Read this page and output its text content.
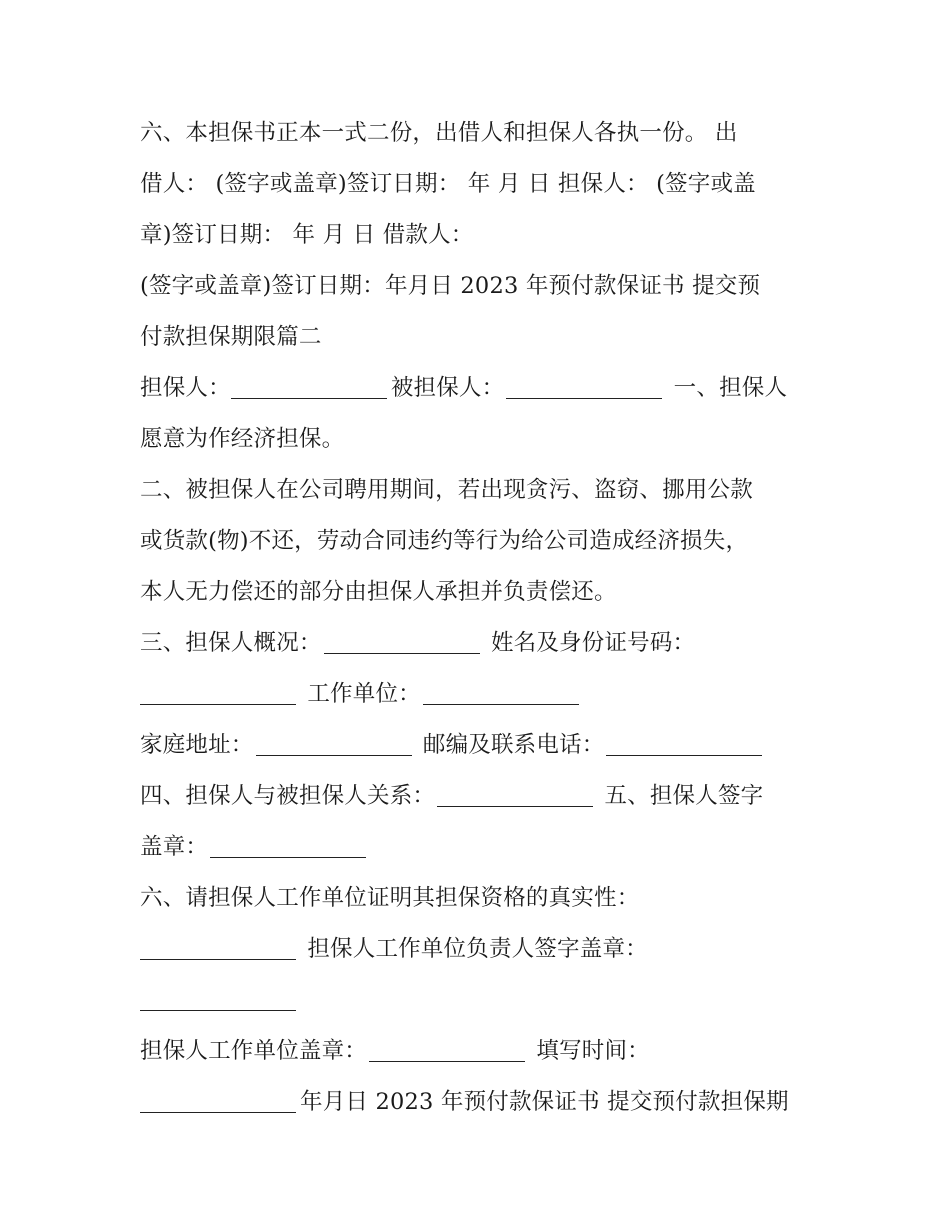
六、本担保书正本一式二份，出借人和担保人各执一份。 出
借人： (签字或盖章)签订日期： 年 月 日 担保人： (签字或盖
章)签订日期： 年 月 日 借款人：
(签字或盖章)签订日期：年月日 2023 年预付款保证书 提交预
付款担保期限篇二
担保人：	被担保人：	一、担保人
愿意为作经济担保。
二、被担保人在公司聘用期间，若出现贪污、盗窃、挪用公款
或货款(物)不还，劳动合同违约等行为给公司造成经济损失，
本人无力偿还的部分由担保人承担并负责偿还。
三、担保人概况：	姓名及身份证号码：
工作单位：
家庭地址：	邮编及联系电话：
四、担保人与被担保人关系：	五、担保人签字
盖章：
六、请担保人工作单位证明其担保资格的真实性：
担保人工作单位负责人签字盖章：
担保人工作单位盖章：	填写时间：
年月日 2023 年预付款保证书 提交预付款担保期
